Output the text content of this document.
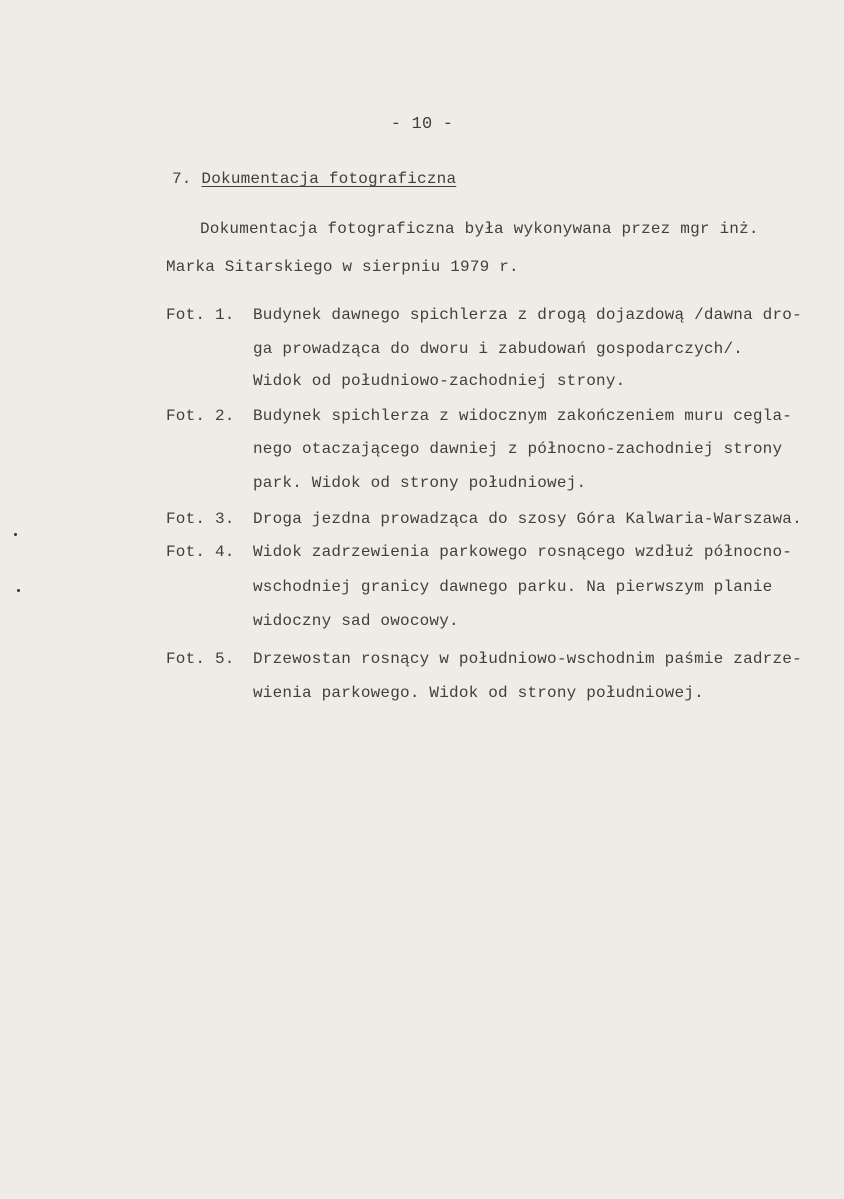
- 10 -
7. Dokumentacja fotograficzna
Dokumentacja fotograficzna była wykonywana przez mgr inż.
Marka Sitarskiego w sierpniu 1979 r.
Fot. 1.	Budynek dawnego spichlerza z drogą dojazdową /dawna dro-
ga prowadząca do dworu i zabudowań gospodarczych/.
Widok od południowo-zachodniej strony.
Fot. 2.	Budynek spichlerza z widocznym zakończeniem muru cegla-
nego otaczającego dawniej z północno-zachodniej strony
park. Widok od strony południowej.
Fot. 3.	Droga jezdna prowadząca do szosy Góra Kalwaria-Warszawa.
Fot. 4.	Widok zadrzewienia parkowego rosnącego wzdłuż północno-
wschodniej granicy dawnego parku. Na pierwszym planie
widoczny sad owocowy.
Fot. 5.	Drzewostan rosnący w południowo-wschodnim paśmie zadrze-
wienia parkowego. Widok od strony południowej.
